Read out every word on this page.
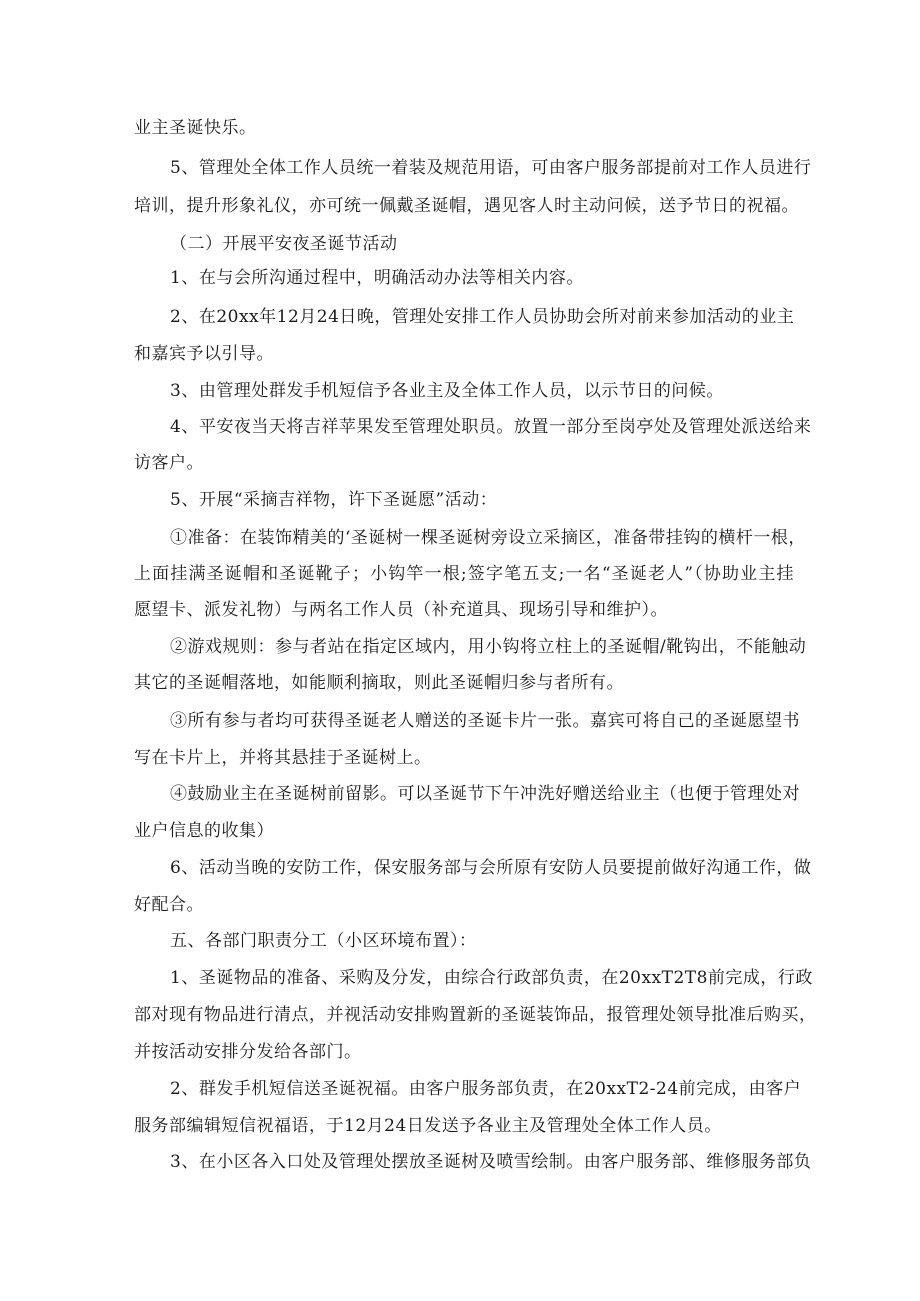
业主圣诞快乐。
5、管理处全体工作人员统一着装及规范用语，可由客户服务部提前对工作人员进行
培训，提升形象礼仪，亦可统一佩戴圣诞帽，遇见客人时主动问候，送予节日的祝福。
（二）开展平安夜圣诞节活动
1、在与会所沟通过程中，明确活动办法等相关内容。
2、在20xx年12月24日晚，管理处安排工作人员协助会所对前来参加活动的业主
和嘉宾予以引导。
3、由管理处群发手机短信予各业主及全体工作人员，以示节日的问候。
4、平安夜当天将吉祥苹果发至管理处职员。放置一部分至岗亭处及管理处派送给来
访客户。
5、开展“采摘吉祥物，许下圣诞愿”活动：
①准备：在装饰精美的‘圣诞树一棵圣诞树旁设立采摘区，准备带挂钩的横杆一根，
上面挂满圣诞帽和圣诞靴子；小钩竿一根;签字笔五支;一名“圣诞老人”（协助业主挂
愿望卡、派发礼物）与两名工作人员（补充道具、现场引导和维护）。
②游戏规则：参与者站在指定区域内，用小钩将立柱上的圣诞帽/靴钩出，不能触动
其它的圣诞帽落地，如能顺利摘取，则此圣诞帽归参与者所有。
③所有参与者均可获得圣诞老人赠送的圣诞卡片一张。嘉宾可将自己的圣诞愿望书
写在卡片上，并将其悬挂于圣诞树上。
④鼓励业主在圣诞树前留影。可以圣诞节下午冲洗好赠送给业主（也便于管理处对
业户信息的收集）
6、活动当晚的安防工作，保安服务部与会所原有安防人员要提前做好沟通工作，做
好配合。
五、各部门职责分工（小区环境布置）：
1、圣诞物品的准备、采购及分发，由综合行政部负责，在20xxT2T8前完成，行政
部对现有物品进行清点，并视活动安排购置新的圣诞装饰品，报管理处领导批准后购买，
并按活动安排分发给各部门。
2、群发手机短信送圣诞祝福。由客户服务部负责，在20xxT2-24前完成，由客户
服务部编辑短信祝福语，于12月24日发送予各业主及管理处全体工作人员。
3、在小区各入口处及管理处摆放圣诞树及喷雪绘制。由客户服务部、维修服务部负
